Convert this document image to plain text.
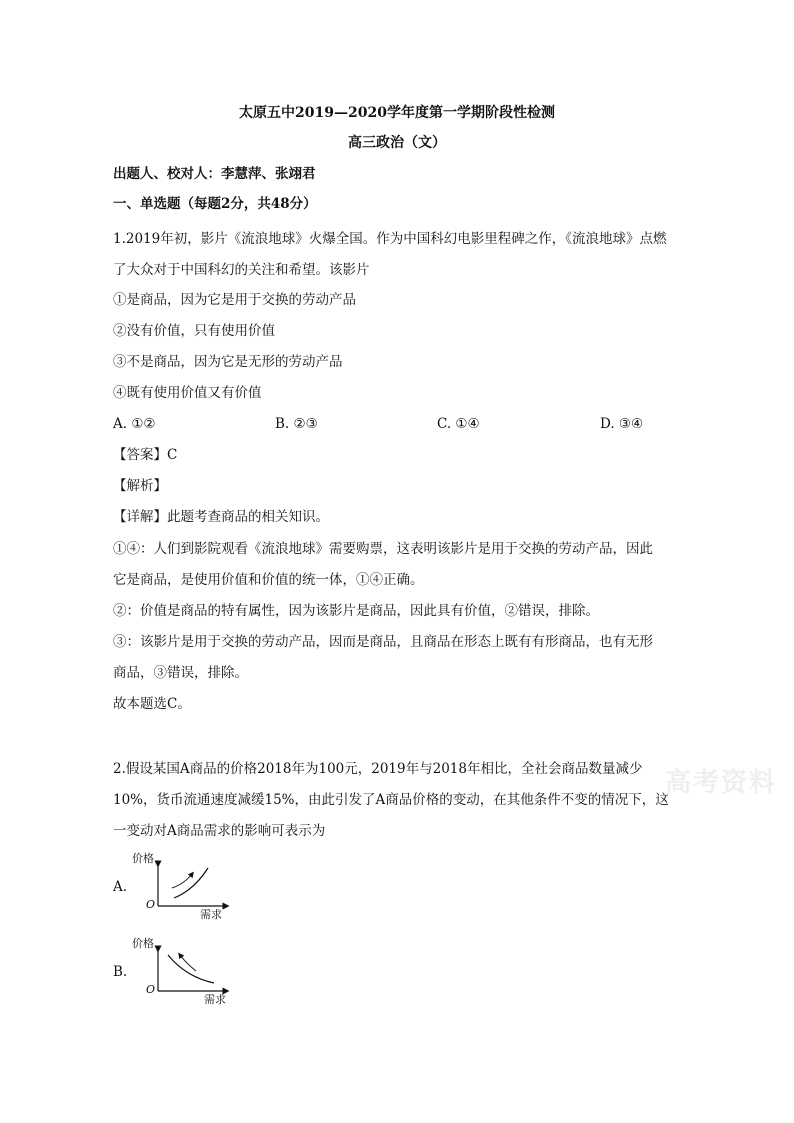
太原五中2019—2020学年度第一学期阶段性检测
高三政治（文）
出题人、校对人：李慧萍、张翊君
一、单选题（每题2分，共48分）
1.2019年初，影片《流浪地球》火爆全国。作为中国科幻电影里程碑之作，《流浪地球》点燃
了大众对于中国科幻的关注和希望。该影片
①是商品，因为它是用于交换的劳动产品
②没有价值，只有使用价值
③不是商品，因为它是无形的劳动产品
④既有使用价值又有价值
A. ①②	B. ②③	C. ①④	D. ③④
【答案】C
【解析】
【详解】此题考查商品的相关知识。
①④：人们到影院观看《流浪地球》需要购票，这表明该影片是用于交换的劳动产品，因此
它是商品，是使用价值和价值的统一体，①④正确。
②：价值是商品的特有属性，因为该影片是商品，因此具有价值，②错误，排除。
③：该影片是用于交换的劳动产品，因而是商品，且商品在形态上既有有形商品，也有无形
商品，③错误，排除。
故本题选C。
2.假设某国A商品的价格2018年为100元，2019年与2018年相比，全社会商品数量减少
10%，货币流通速度减缓15%，由此引发了A商品价格的变动，在其他条件不变的情况下，这
一变动对A商品需求的影响可表示为
高考资料
A.
价格
O
需求
B.
价格
O
需求
